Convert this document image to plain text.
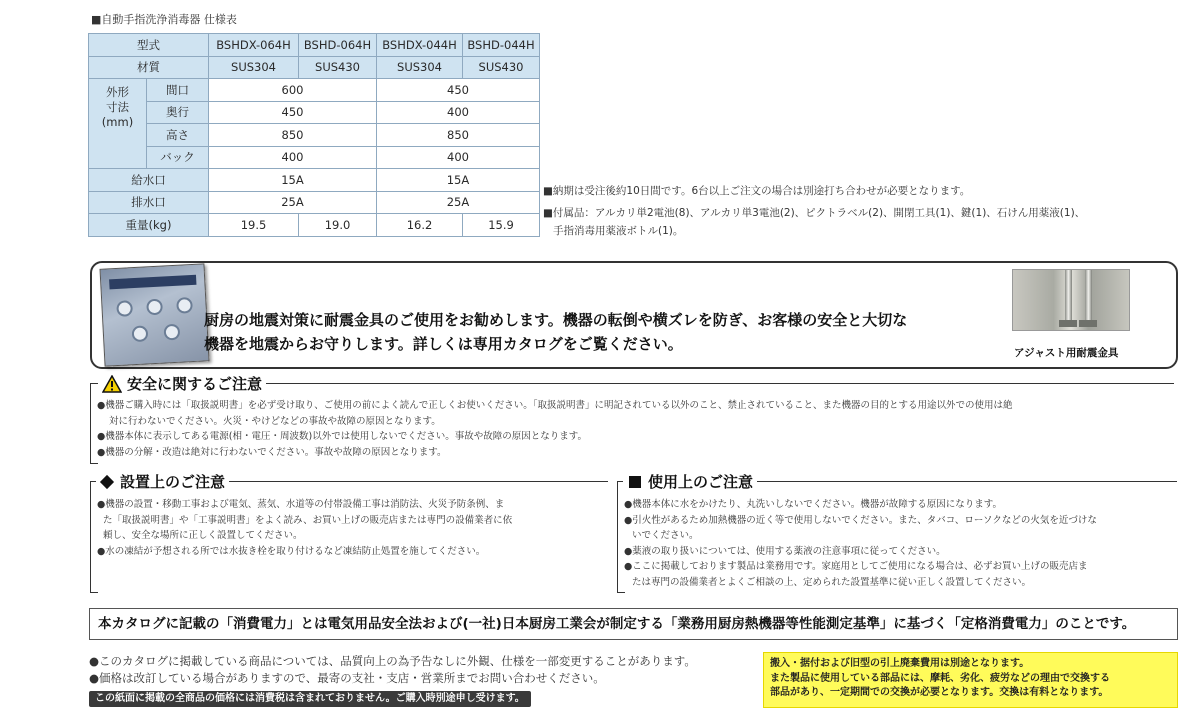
■自動手指洗浄消毒器 仕様表
型式		BSHDX-064H	BSHD-064H	BSHDX-044H	BSHD-044H
材質		SUS304	SUS430	SUS304	SUS430
外形
寸法
(mm)	間口	600		450	
	奥行	450		400	
	高さ	850		850	
	バック	400		400	
給水口		15A		15A	
排水口		25A		25A	
重量(kg)		19.5	19.0	16.2	15.9
■納期は受注後約10日間です。6台以上ご注文の場合は別途打ち合わせが必要となります。
■付属品：アルカリ単2電池(8)、アルカリ単3電池(2)、ピクトラベル(2)、開閉工具(1)、鍵(1)、石けん用薬液(1)、
手指消毒用薬液ボトル(1)。
厨房の地震対策に耐震金具のご使用をお勧めします。機器の転倒や横ズレを防ぎ、お客様の安全と大切な
機器を地震からお守りします。詳しくは専用カタログをご覧ください。	アジャスト用耐震金具
安全に関するご注意
●機器ご購入時には「取扱説明書」を必ず受け取り、ご使用の前によく読んで正しくお使いください。「取扱説明書」に明記されている以外のこと、禁止されていること、また機器の目的とする用途以外での使用は絶
対に行わないでください。火災・やけどなどの事故や故障の原因となります。
●機器本体に表示してある電源(相・電圧・周波数)以外では使用しないでください。事故や故障の原因となります。
●機器の分解・改造は絶対に行わないでください。事故や故障の原因となります。
設置上のご注意
●機器の設置・移動工事および電気、蒸気、水道等の付帯設備工事は消防法、火災予防条例、ま
た「取扱説明書」や「工事説明書」をよく読み、お買い上げの販売店または専門の設備業者に依
頼し、安全な場所に正しく設置してください。
●水の凍結が予想される所では水抜き栓を取り付けるなど凍結防止処置を施してください。
使用上のご注意
●機器本体に水をかけたり、丸洗いしないでください。機器が故障する原因になります。
●引火性があるため加熱機器の近く等で使用しないでください。また、タバコ、ローソクなどの火気を近づけな
いでください。
●薬液の取り扱いについては、使用する薬液の注意事項に従ってください。
●ここに掲載しております製品は業務用です。家庭用としてご使用になる場合は、必ずお買い上げの販売店ま
たは専門の設備業者とよくご相談の上、定められた設置基準に従い正しく設置してください。
本カタログに記載の「消費電力」とは電気用品安全法および(一社)日本厨房工業会が制定する「業務用厨房熱機器等性能測定基準」に基づく「定格消費電力」のことです。
●このカタログに掲載している商品については、品質向上の為予告なしに外観、仕様を一部変更することがあります。
●価格は改訂している場合がありますので、最寄の支社・支店・営業所までお問い合わせください。
この紙面に掲載の全商品の価格には消費税は含まれておりません。ご購入時別途申し受けます。
搬入・据付および旧型の引上廃棄費用は別途となります。
また製品に使用している部品には、摩耗、劣化、疲労などの理由で交換する
部品があり、一定期間での交換が必要となります。交換は有料となります。
